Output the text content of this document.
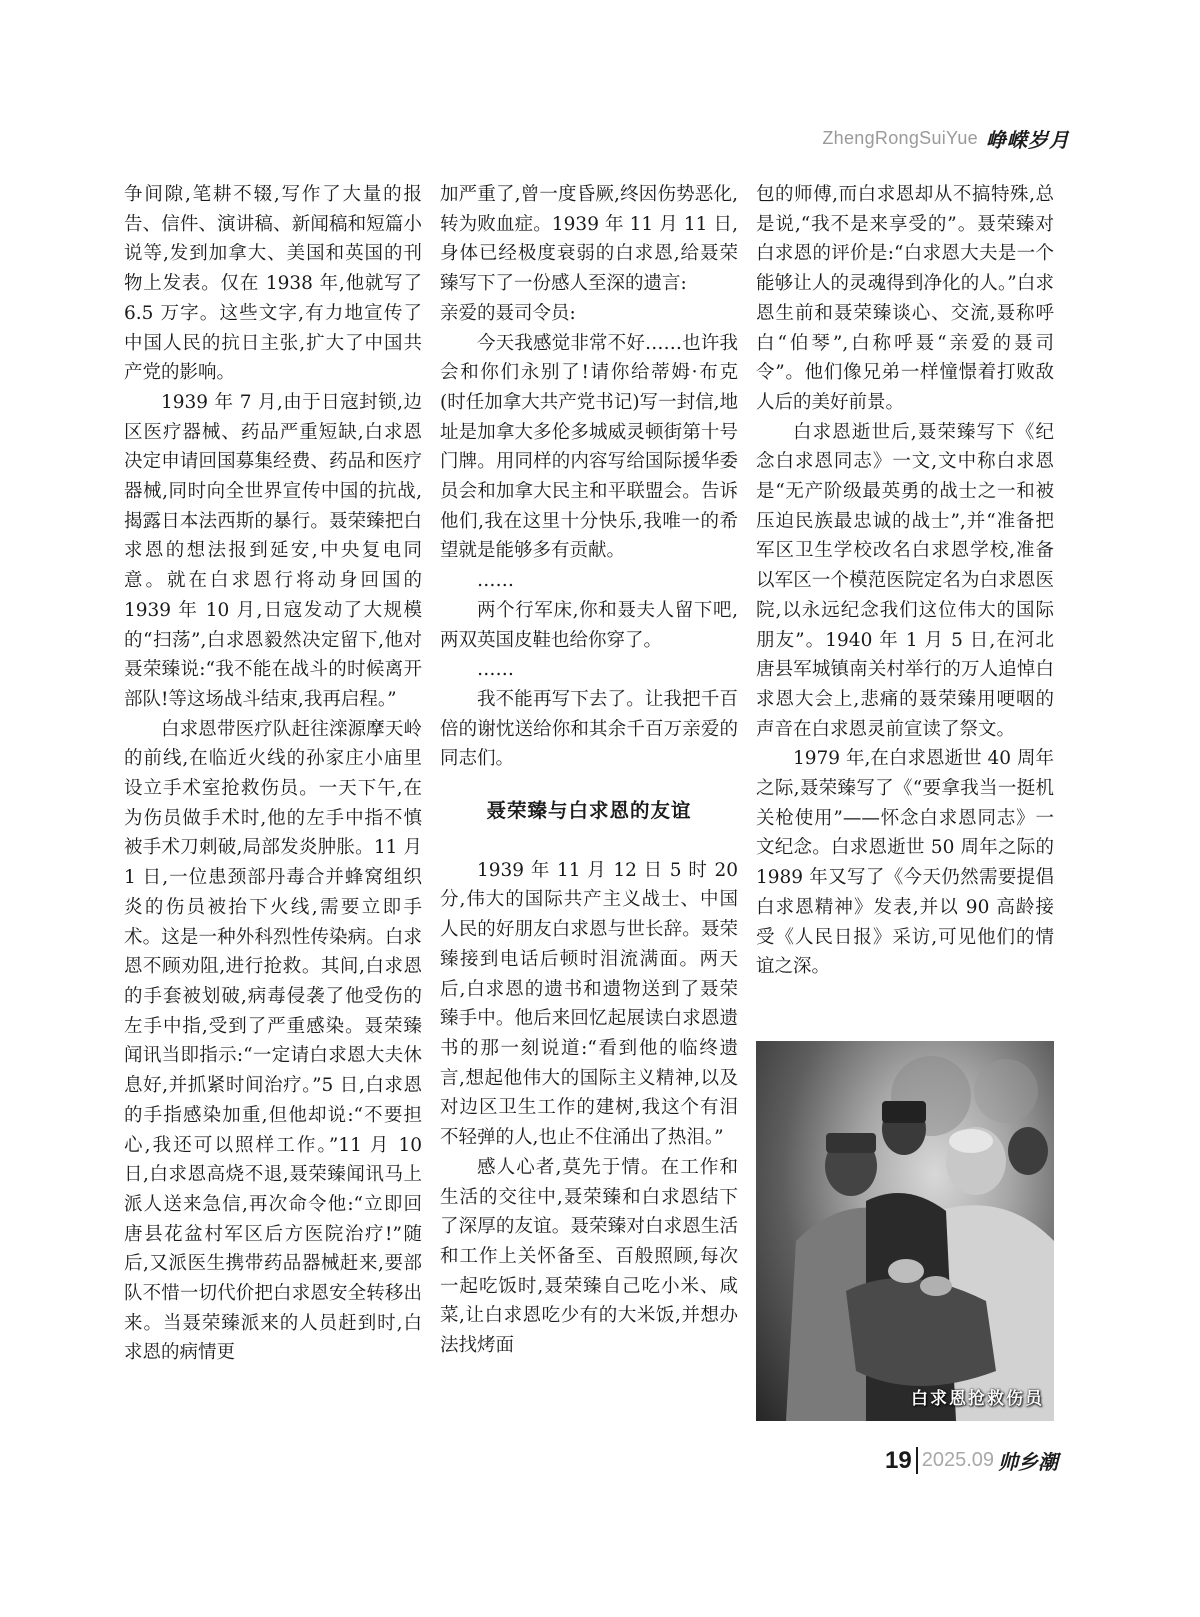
ZhengRongSuiYue 峥嵘岁月

争间隙,笔耕不辍,写作了大量的报告、信件、演讲稿、新闻稿和短篇小说等,发到加拿大、美国和英国的刊物上发表。仅在 1938 年,他就写了 6.5 万字。这些文字,有力地宣传了中国人民的抗日主张,扩大了中国共产党的影响。

1939 年 7 月,由于日寇封锁,边区医疗器械、药品严重短缺,白求恩决定申请回国募集经费、药品和医疗器械,同时向全世界宣传中国的抗战,揭露日本法西斯的暴行。聂荣臻把白求恩的想法报到延安,中央复电同意。就在白求恩行将动身回国的 1939 年 10 月,日寇发动了大规模的“扫荡”,白求恩毅然决定留下,他对聂荣臻说:“我不能在战斗的时候离开部队!等这场战斗结束,我再启程。”

白求恩带医疗队赶往滦源摩天岭的前线,在临近火线的孙家庄小庙里设立手术室抢救伤员。一天下午,在为伤员做手术时,他的左手中指不慎被手术刀刺破,局部发炎肿胀。11 月 1 日,一位患颈部丹毒合并蜂窝组织炎的伤员被抬下火线,需要立即手术。这是一种外科烈性传染病。白求恩不顾劝阻,进行抢救。其间,白求恩的手套被划破,病毒侵袭了他受伤的左手中指,受到了严重感染。聂荣臻闻讯当即指示:“一定请白求恩大夫休息好,并抓紧时间治疗。”5 日,白求恩的手指感染加重,但他却说:“不要担心,我还可以照样工作。”11 月 10 日,白求恩高烧不退,聂荣臻闻讯马上派人送来急信,再次命令他:“立即回唐县花盆村军区后方医院治疗!”随后,又派医生携带药品器械赶来,要部队不惜一切代价把白求恩安全转移出来。当聂荣臻派来的人员赶到时,白求恩的病情更

加严重了,曾一度昏厥,终因伤势恶化,转为败血症。1939 年 11 月 11 日,身体已经极度衰弱的白求恩,给聂荣臻写下了一份感人至深的遗言:

亲爱的聂司令员:

今天我感觉非常不好……也许我会和你们永别了!请你给蒂姆·布克(时任加拿大共产党书记)写一封信,地址是加拿大多伦多城威灵顿街第十号门牌。用同样的内容写给国际援华委员会和加拿大民主和平联盟会。告诉他们,我在这里十分快乐,我唯一的希望就是能够多有贡献。

……

两个行军床,你和聂夫人留下吧,两双英国皮鞋也给你穿了。

……

我不能再写下去了。让我把千百倍的谢忱送给你和其余千百万亲爱的同志们。

聂荣臻与白求恩的友谊

1939 年 11 月 12 日 5 时 20 分,伟大的国际共产主义战士、中国人民的好朋友白求恩与世长辞。聂荣臻接到电话后顿时泪流满面。两天后,白求恩的遗书和遗物送到了聂荣臻手中。他后来回忆起展读白求恩遗书的那一刻说道:“看到他的临终遗言,想起他伟大的国际主义精神,以及对边区卫生工作的建树,我这个有泪不轻弹的人,也止不住涌出了热泪。”

感人心者,莫先于情。在工作和生活的交往中,聂荣臻和白求恩结下了深厚的友谊。聂荣臻对白求恩生活和工作上关怀备至、百般照顾,每次一起吃饭时,聂荣臻自己吃小米、咸菜,让白求恩吃少有的大米饭,并想办法找烤面

包的师傅,而白求恩却从不搞特殊,总是说,“我不是来享受的”。聂荣臻对白求恩的评价是:“白求恩大夫是一个能够让人的灵魂得到净化的人。”白求恩生前和聂荣臻谈心、交流,聂称呼白“伯琴”,白称呼聂“亲爱的聂司令”。他们像兄弟一样憧憬着打败敌人后的美好前景。

白求恩逝世后,聂荣臻写下《纪念白求恩同志》一文,文中称白求恩是“无产阶级最英勇的战士之一和被压迫民族最忠诚的战士”,并“准备把军区卫生学校改名白求恩学校,准备以军区一个模范医院定名为白求恩医院,以永远纪念我们这位伟大的国际朋友”。1940 年 1 月 5 日,在河北唐县军城镇南关村举行的万人追悼白求恩大会上,悲痛的聂荣臻用哽咽的声音在白求恩灵前宣读了祭文。

1979 年,在白求恩逝世 40 周年之际,聂荣臻写了《“要拿我当一挺机关枪使用”——怀念白求恩同志》一文纪念。白求恩逝世 50 周年之际的 1989 年又写了《今天仍然需要提倡白求恩精神》发表,并以 90 高龄接受《人民日报》采访,可见他们的情谊之深。

白求恩抢救伤员
19 2025.09 帅乡潮
